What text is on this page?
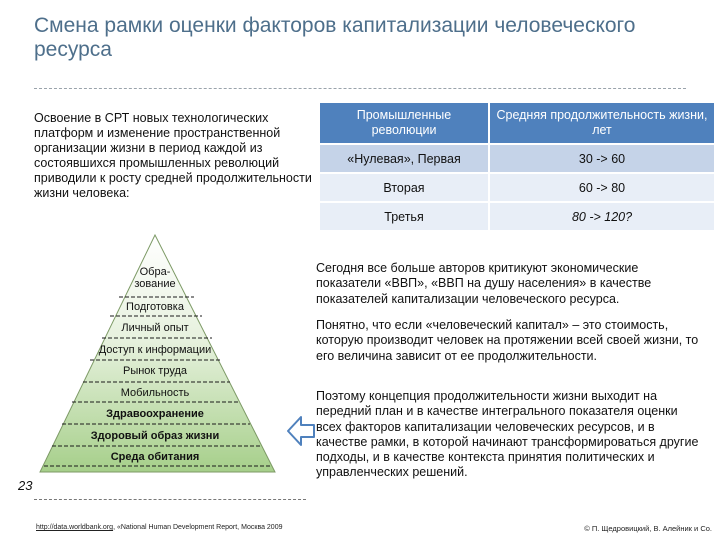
Смена рамки оценки факторов капитализации человеческого ресурса
Освоение в СРТ новых технологических платформ и изменение пространственной организации жизни в период каждой из состоявшихся промышленных революций приводили к росту средней продолжительности жизни человека:
Промышленные революции	Средняя продолжительность жизни, лет
«Нулевая», Первая	30 -> 60
Вторая	60 -> 80
Третья	80 -> 120?
Обра-зование
Подготовка
Личный опыт
Доступ к информации
Рынок труда
Мобильность
Здравоохранение
Здоровый образ жизни
Среда обитания
Сегодня все больше авторов критикуют экономические показатели «ВВП», «ВВП на душу населения» в качестве показателей капитализации человеческого ресурса.
Понятно, что если «человеческий капитал» – это стоимость, которую производит человек на протяжении всей своей жизни, то его величина зависит от ее продолжительности.
Поэтому концепция продолжительности жизни выходит на передний план и в качестве интегрального показателя оценки всех факторов капитализации человеческих ресурсов, и в качестве рамки, в которой начинают трансформироваться другие подходы, и в качестве контекста принятия политических и управленческих решений.
23
http://data.worldbank.org, «National Human Development Report, Москва 2009	© П. Щедровицкий, В. Алейник и Со.
